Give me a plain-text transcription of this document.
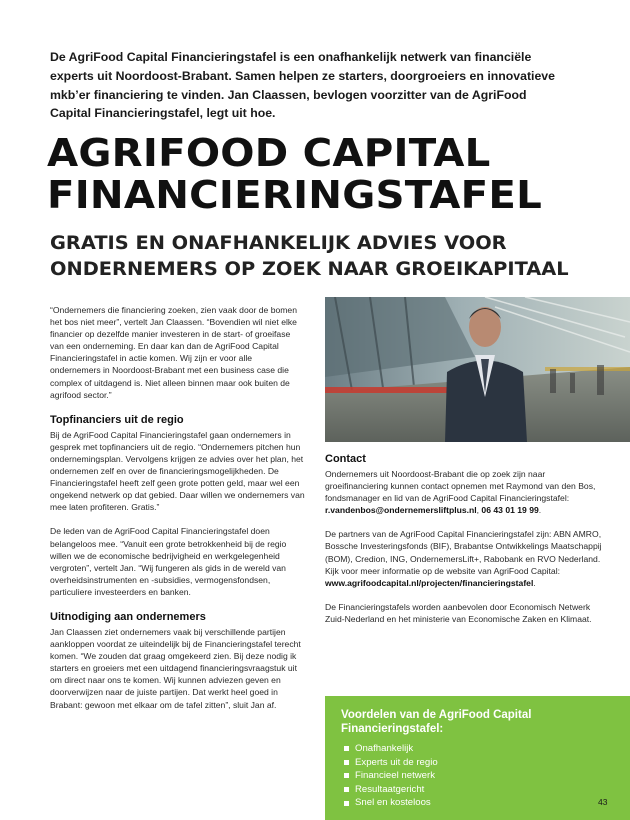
De AgriFood Capital Financieringstafel is een onafhankelijk netwerk van financiële experts uit Noordoost-Brabant. Samen helpen ze starters, doorgroeiers en innovatieve mkb’er financiering te vinden. Jan Claassen, bevlogen voorzitter van de AgriFood Capital Financieringstafel, legt uit hoe.
AGRIFOOD CAPITAL
FINANCIERINGSTAFEL
GRATIS EN ONAFHANKELIJK ADVIES VOOR
ONDERNEMERS OP ZOEK NAAR GROEIKAPITAAL

“Ondernemers die financiering zoeken, zien vaak door de bomen het bos niet meer”, vertelt Jan Claassen. “Bovendien wil niet elke financier op dezelfde manier investeren in de start- of groeifase van een onderneming. En daar kan dan de AgriFood Capital Financieringstafel in actie komen. Wij zijn er voor alle ondernemers in Noordoost-Brabant met een business case die complex of uitdagend is. Niet alleen binnen maar ook buiten de agrifood sector.”

Topfinanciers uit de regio

Bij de AgriFood Capital Financieringstafel gaan ondernemers in gesprek met topfinanciers uit de regio. “Ondernemers pitchen hun ondernemingsplan. Vervolgens krijgen ze advies over het plan, het ondernemen zelf en over de financieringsmogelijkheden. De Financieringstafel heeft zelf geen grote potten geld, maar wel een ongekend netwerk op dat gebied. Daar willen we ondernemers van mee laten profiteren. Gratis.”

De leden van de AgriFood Capital Financieringstafel doen belangeloos mee. “Vanuit een grote betrokkenheid bij de regio willen we de economische bedrijvigheid en werkgelegenheid vergroten”, vertelt Jan. “Wij fungeren als gids in de wereld van overheidsinstrumenten en -subsidies, vermogensfondsen, particuliere investeerders en banken.

Uitnodiging aan ondernemers

Jan Claassen ziet ondernemers vaak bij verschillende partijen aankloppen voordat ze uiteindelijk bij de Financieringstafel terecht komen. “We zouden dat graag omgekeerd zien. Bij deze nodig ik starters en groeiers met een uitdagend financieringsvraagstuk uit om direct naar ons te komen. Wij kunnen adviezen geven en doorverwijzen naar de juiste partijen. Dat werkt heel goed in Brabant: gewoon met elkaar om de tafel zitten”, sluit Jan af.

Contact

Ondernemers uit Noordoost-Brabant die op zoek zijn naar groeifinanciering kunnen contact opnemen met Raymond van den Bos, fondsmanager en lid van de AgriFood Capital Financieringstafel: r.vandenbos@ondernemersliftplus.nl, 06 43 01 19 99.

De partners van de AgriFood Capital Financieringstafel zijn: ABN AMRO, Bossche Investeringsfonds (BIF), Brabantse Ontwikkelings Maatschappij (BOM), Credion, ING, OndernemersLift+, Rabobank en RVO Nederland. Kijk voor meer informatie op de website van AgriFood Capital:
www.agrifoodcapital.nl/projecten/financieringstafel.

De Financieringstafels worden aanbevolen door Economisch Netwerk Zuid-Nederland en het ministerie van Economische Zaken en Klimaat.

Voordelen van de AgriFood Capital
Financieringstafel:
Onafhankelijk
Experts uit de regio
Financieel netwerk
Resultaatgericht
Snel en kosteloos	43
